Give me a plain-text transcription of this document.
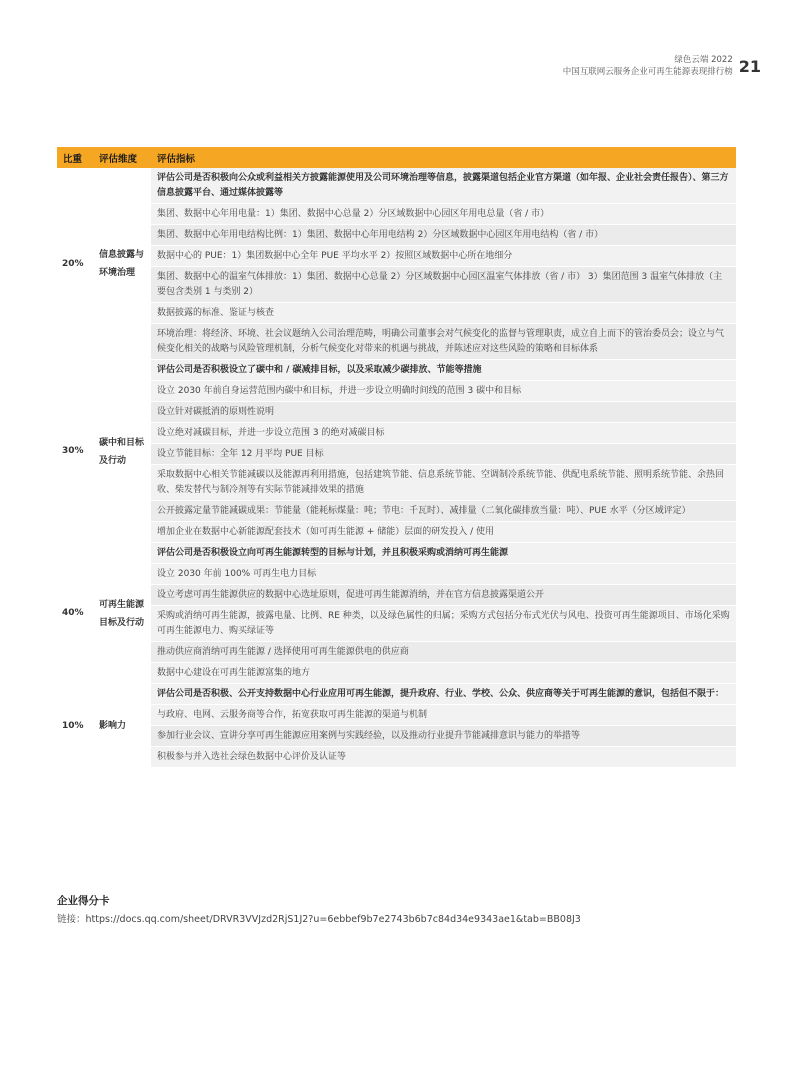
绿色云端 2022
中国互联网云服务企业可再生能源表现排行榜 21
比重	评估维度	评估指标
20%	信息披露与环境治理	评估公司是否积极向公众或利益相关方披露能源使用及公司环境治理等信息，披露渠道包括企业官方渠道（如年报、企业社会责任报告）、第三方信息披露平台、通过媒体披露等
		集团、数据中心年用电量：1）集团、数据中心总量 2）分区域数据中心园区年用电总量（省 / 市）
		集团、数据中心年用电结构比例：1）集团、数据中心年用电结构 2）分区域数据中心园区年用电结构（省 / 市）
		数据中心的 PUE：1）集团数据中心全年 PUE 平均水平 2）按照区域数据中心所在地细分
		集团、数据中心的温室气体排放：1）集团、数据中心总量 2）分区域数据中心园区温室气体排放（省 / 市） 3）集团范围 3 温室气体排放（主要包含类别 1 与类别 2）
		数据披露的标准、鉴证与核查
		环境治理：将经济、环境、社会议题纳入公司治理范畴，明确公司董事会对气候变化的监督与管理职责，成立自上而下的管治委员会；设立与气候变化相关的战略与风险管理机制，分析气候变化对带来的机遇与挑战，并陈述应对这些风险的策略和目标体系
30%	碳中和目标及行动	评估公司是否积极设立了碳中和 / 碳减排目标，以及采取减少碳排放、节能等措施
		设立 2030 年前自身运营范围内碳中和目标，并进一步设立明确时间线的范围 3 碳中和目标
		设立针对碳抵消的原则性说明
		设立绝对减碳目标，并进一步设立范围 3 的绝对减碳目标
		设立节能目标：全年 12 月平均 PUE 目标
		采取数据中心相关节能减碳以及能源再利用措施，包括建筑节能、信息系统节能、空调制冷系统节能、供配电系统节能、照明系统节能、余热回收、柴发替代与制冷剂等有实际节能减排效果的措施
		公开披露定量节能减碳成果：节能量（能耗标煤量：吨；节电：千瓦时）、减排量（二氧化碳排放当量：吨）、PUE 水平（分区域评定）
		增加企业在数据中心新能源配套技术（如可再生能源 + 储能）层面的研发投入 / 使用
40%	可再生能源目标及行动	评估公司是否积极设立向可再生能源转型的目标与计划，并且积极采购或消纳可再生能源
		设立 2030 年前 100% 可再生电力目标
		设立考虑可再生能源供应的数据中心选址原则，促进可再生能源消纳，并在官方信息披露渠道公开
		采购或消纳可再生能源，披露电量、比例、RE 种类，以及绿色属性的归属；采购方式包括分布式光伏与风电、投资可再生能源项目、市场化采购可再生能源电力、购买绿证等
		推动供应商消纳可再生能源 / 选择使用可再生能源供电的供应商
		数据中心建设在可再生能源富集的地方
10%	影响力	评估公司是否积极、公开支持数据中心行业应用可再生能源，提升政府、行业、学校、公众、供应商等关于可再生能源的意识，包括但不限于：
		与政府、电网、云服务商等合作，拓宽获取可再生能源的渠道与机制
		参加行业会议、宣讲分享可再生能源应用案例与实践经验，以及推动行业提升节能减排意识与能力的举措等
		积极参与并入选社会绿色数据中心评价及认证等
企业得分卡
链接：https://docs.qq.com/sheet/DRVR3VVJzd2RjS1J2?u=6ebbef9b7e2743b6b7c84d34e9343ae1&tab=BB08J3
